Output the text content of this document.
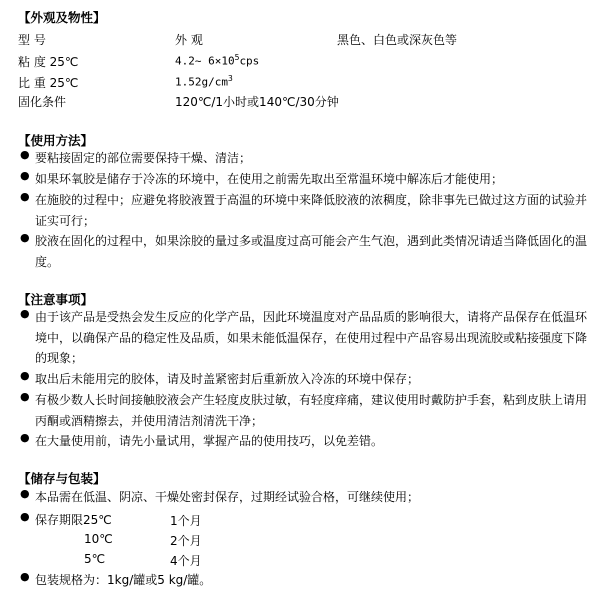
【外观及物性】
型 号	外 观	黑色、白色或深灰色等
粘 度 25℃	4.2~ $6\times 10^5cps$
比 重 25℃	$1.52g/cm^3$
固化条件	120℃/1小时或140℃/30分钟
【使用方法】
● 要粘接固定的部位需要保持干燥、清洁；
● 如果环氧胶是储存于冷冻的环境中，在使用之前需先取出至常温环境中解冻后才能使用；
● 在施胶的过程中；应避免将胶液置于高温的环境中来降低胶液的浓稠度，除非事先已做过这方面的试验并证实可行；
● 胶液在固化的过程中，如果涂胶的量过多或温度过高可能会产生气泡，遇到此类情况请适当降低固化的温度。
【注意事项】
● 由于该产品是受热会发生反应的化学产品，因此环境温度对产品品质的影响很大，请将产品保存在低温环境中，以确保产品的稳定性及品质，如果未能低温保存，在使用过程中产品容易出现流胶或粘接强度下降的现象；
● 取出后未能用完的胶体，请及时盖紧密封后重新放入冷冻的环境中保存；
● 有极少数人长时间接触胶液会产生轻度皮肤过敏，有轻度痒痛，建议使用时戴防护手套，粘到皮肤上请用丙酮或酒精擦去，并使用清洁剂清洗干净；
● 在大量使用前，请先小量试用，掌握产品的使用技巧，以免差错。
【储存与包装】
● 本品需在低温、阴凉、干燥处密封保存，过期经试验合格，可继续使用；
● 保存期限25℃	1个月
10℃	2个月
5℃	4个月
● 包装规格为：1kg/罐或5 kg/罐。
